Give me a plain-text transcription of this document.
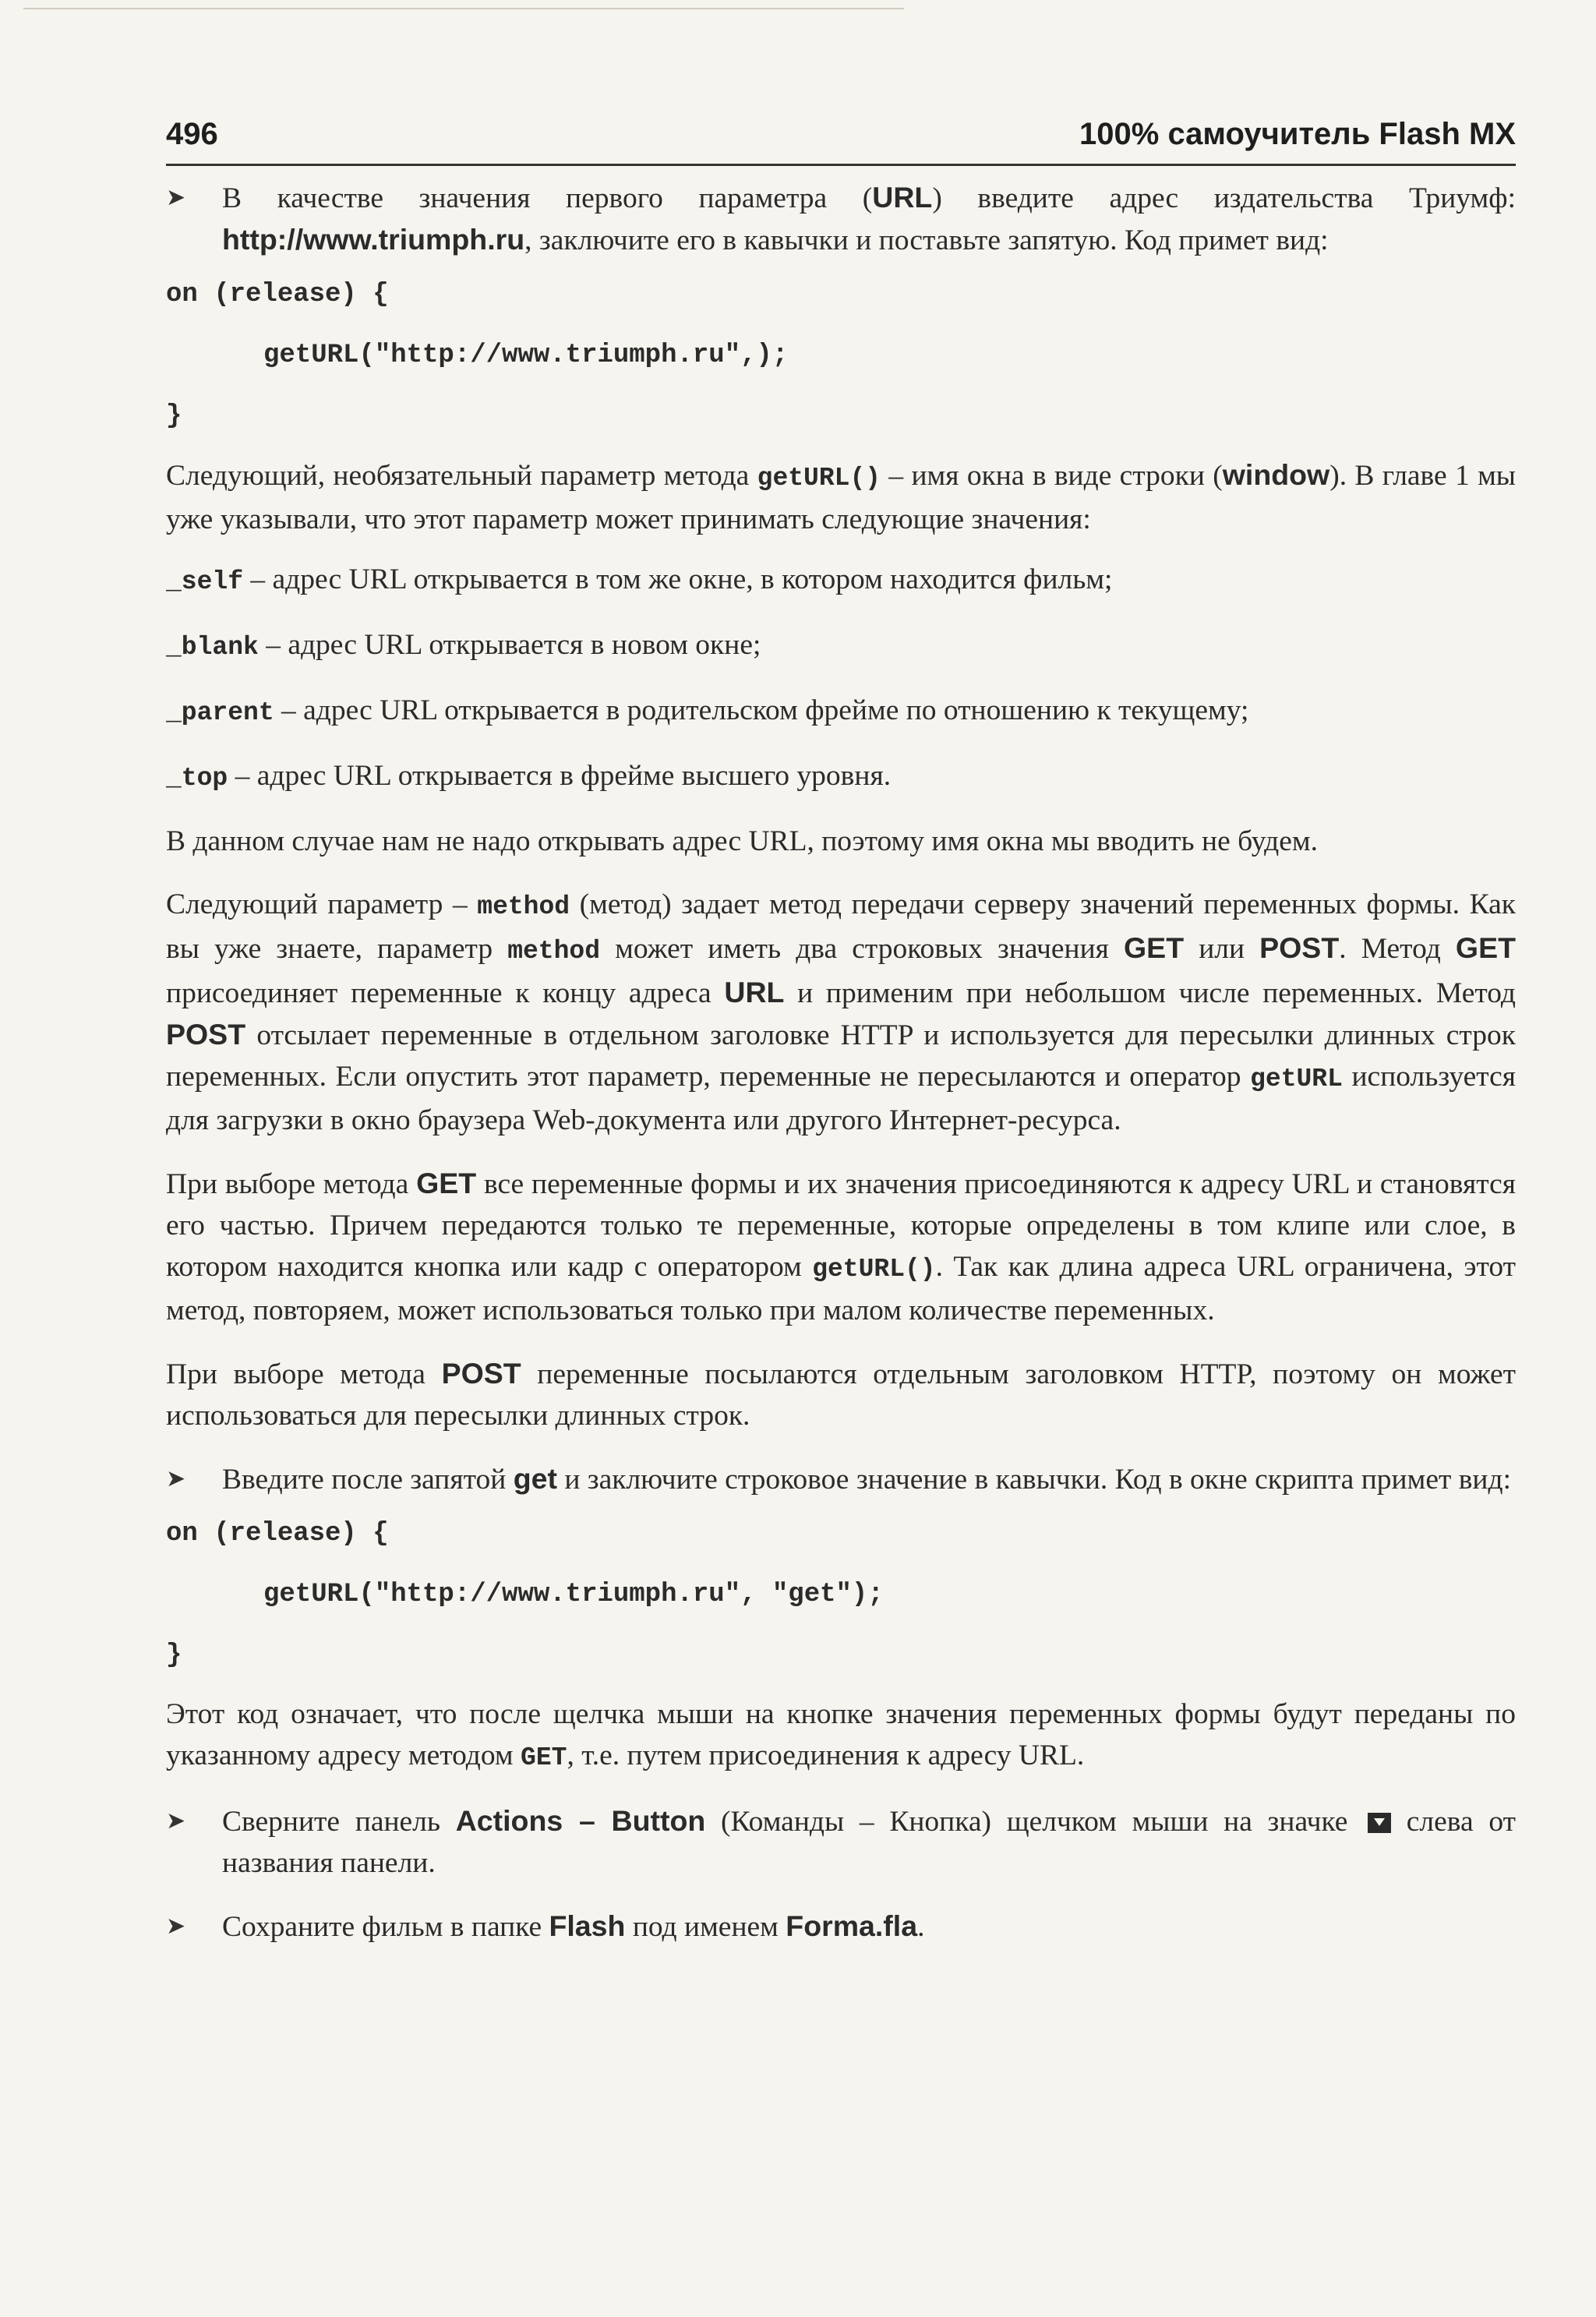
496	100% самоучитель Flash MX

➤ В качестве значения первого параметра (URL) введите адрес издательства Триумф: http://www.triumph.ru, заключите его в кавычки и поставьте запятую. Код примет вид:

on (release) {
getURL("http://www.triumph.ru",);
}

Следующий, необязательный параметр метода getURL() – имя окна в виде строки (window). В главе 1 мы уже указывали, что этот параметр может принимать следующие значения:

_self – адрес URL открывается в том же окне, в котором находится фильм;

_blank – адрес URL открывается в новом окне;

_parent – адрес URL открывается в родительском фрейме по отношению к текущему;

_top – адрес URL открывается в фрейме высшего уровня.

В данном случае нам не надо открывать адрес URL, поэтому имя окна мы вводить не будем.

Следующий параметр – method (метод) задает метод передачи серверу значений переменных формы. Как вы уже знаете, параметр method может иметь два строковых значения GET или POST. Метод GET присоединяет переменные к концу адреса URL и применим при небольшом числе переменных. Метод POST отсылает переменные в отдельном заголовке HTTP и используется для пересылки длинных строк переменных. Если опустить этот параметр, переменные не пересылаются и оператор getURL используется для загрузки в окно браузера Web-документа или другого Интернет-ресурса.

При выборе метода GET все переменные формы и их значения присоединяются к адресу URL и становятся его частью. Причем передаются только те переменные, которые определены в том клипе или слое, в котором находится кнопка или кадр с оператором getURL(). Так как длина адреса URL ограничена, этот метод, повторяем, может использоваться только при малом количестве переменных.

При выборе метода POST переменные посылаются отдельным заголовком HTTP, поэтому он может использоваться для пересылки длинных строк.

➤ Введите после запятой get и заключите строковое значение в кавычки. Код в окне скрипта примет вид:

on (release) {
getURL("http://www.triumph.ru", "get");
}

Этот код означает, что после щелчка мыши на кнопке значения переменных формы будут переданы по указанному адресу методом GET, т.е. путем присоединения к адресу URL.

➤ Сверните панель Actions – Button (Команды – Кнопка) щелчком мыши на значке  слева от названия панели.

➤ Сохраните фильм в папке Flash под именем Forma.fla.
